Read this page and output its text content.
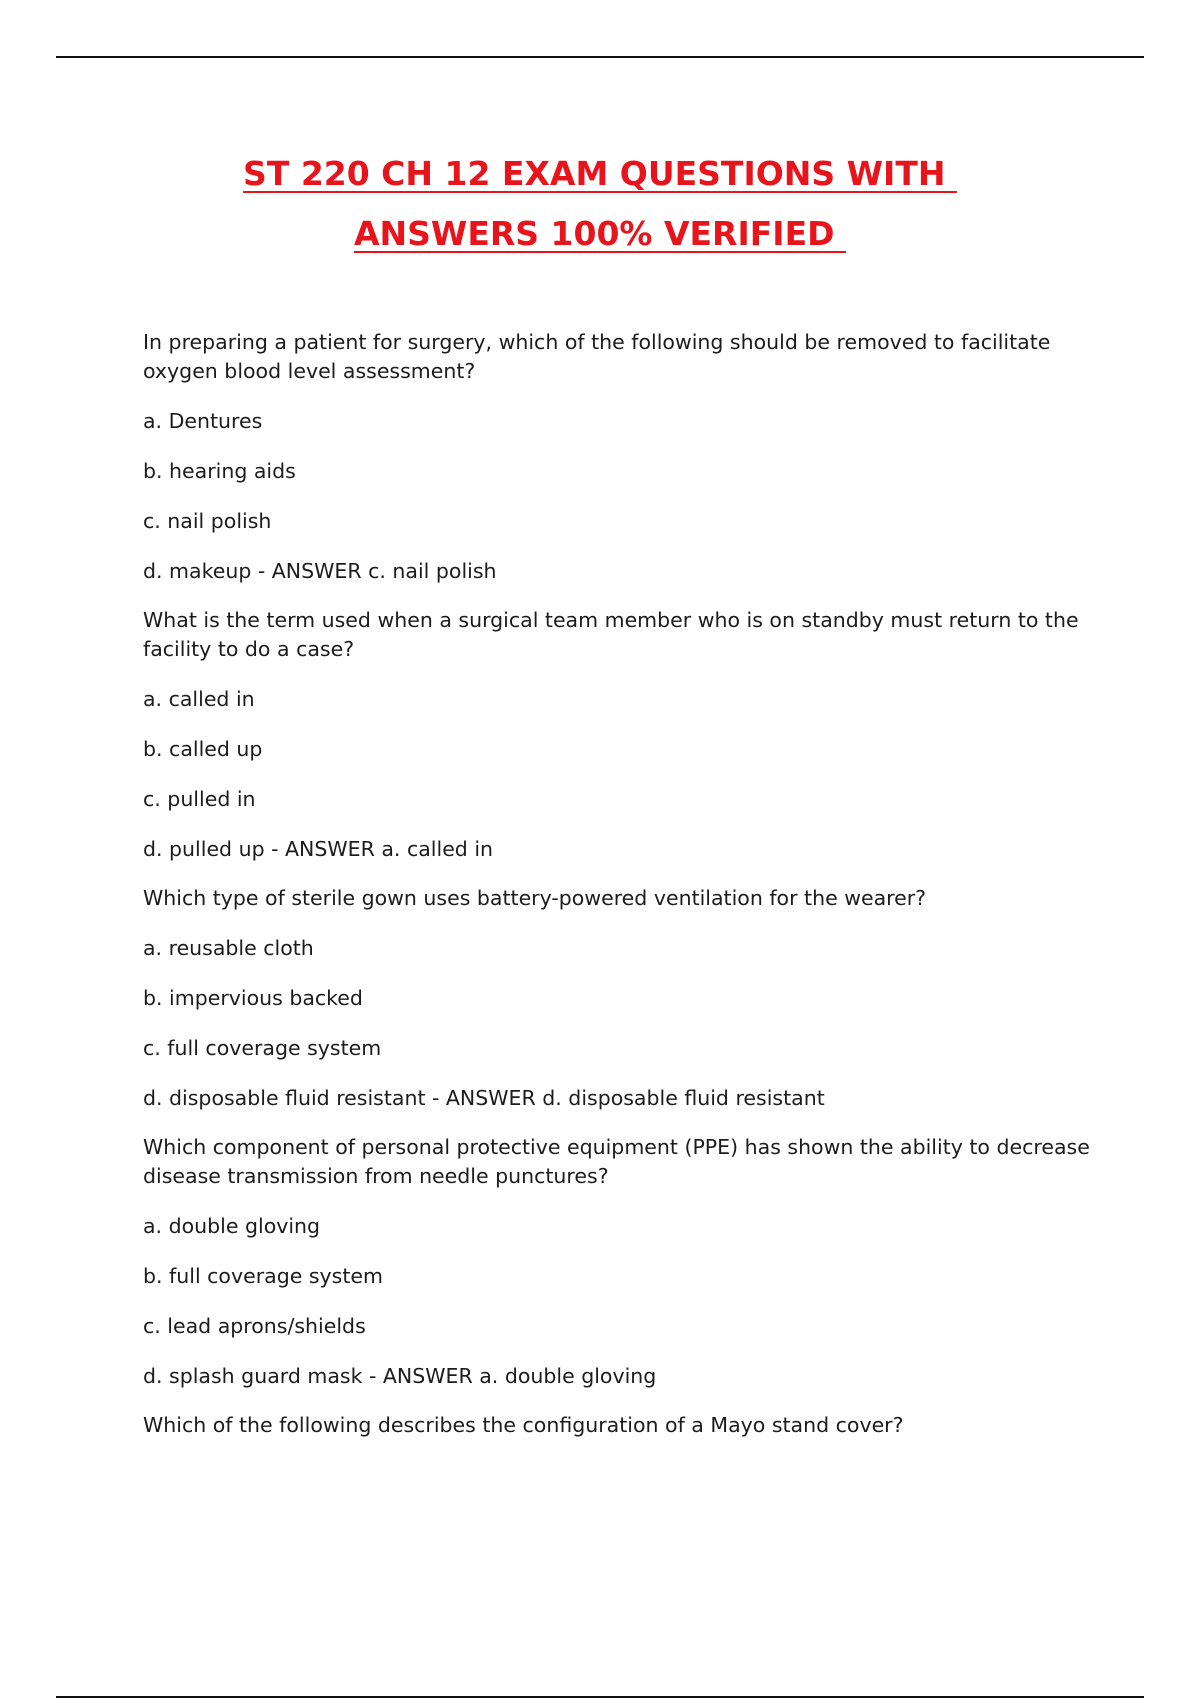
ST 220 CH 12 EXAM QUESTIONS WITH
ANSWERS 100% VERIFIED
In preparing a patient for surgery, which of the following should be removed to facilitate oxygen blood level assessment?
a. Dentures
b. hearing aids
c. nail polish
d. makeup - ANSWER c. nail polish
What is the term used when a surgical team member who is on standby must return to the facility to do a case?
a. called in
b. called up
c. pulled in
d. pulled up - ANSWER a. called in
Which type of sterile gown uses battery-powered ventilation for the wearer?
a. reusable cloth
b. impervious backed
c. full coverage system
d. disposable fluid resistant - ANSWER d. disposable fluid resistant
Which component of personal protective equipment (PPE) has shown the ability to decrease disease transmission from needle punctures?
a. double gloving
b. full coverage system
c. lead aprons/shields
d. splash guard mask - ANSWER a. double gloving
Which of the following describes the configuration of a Mayo stand cover?
